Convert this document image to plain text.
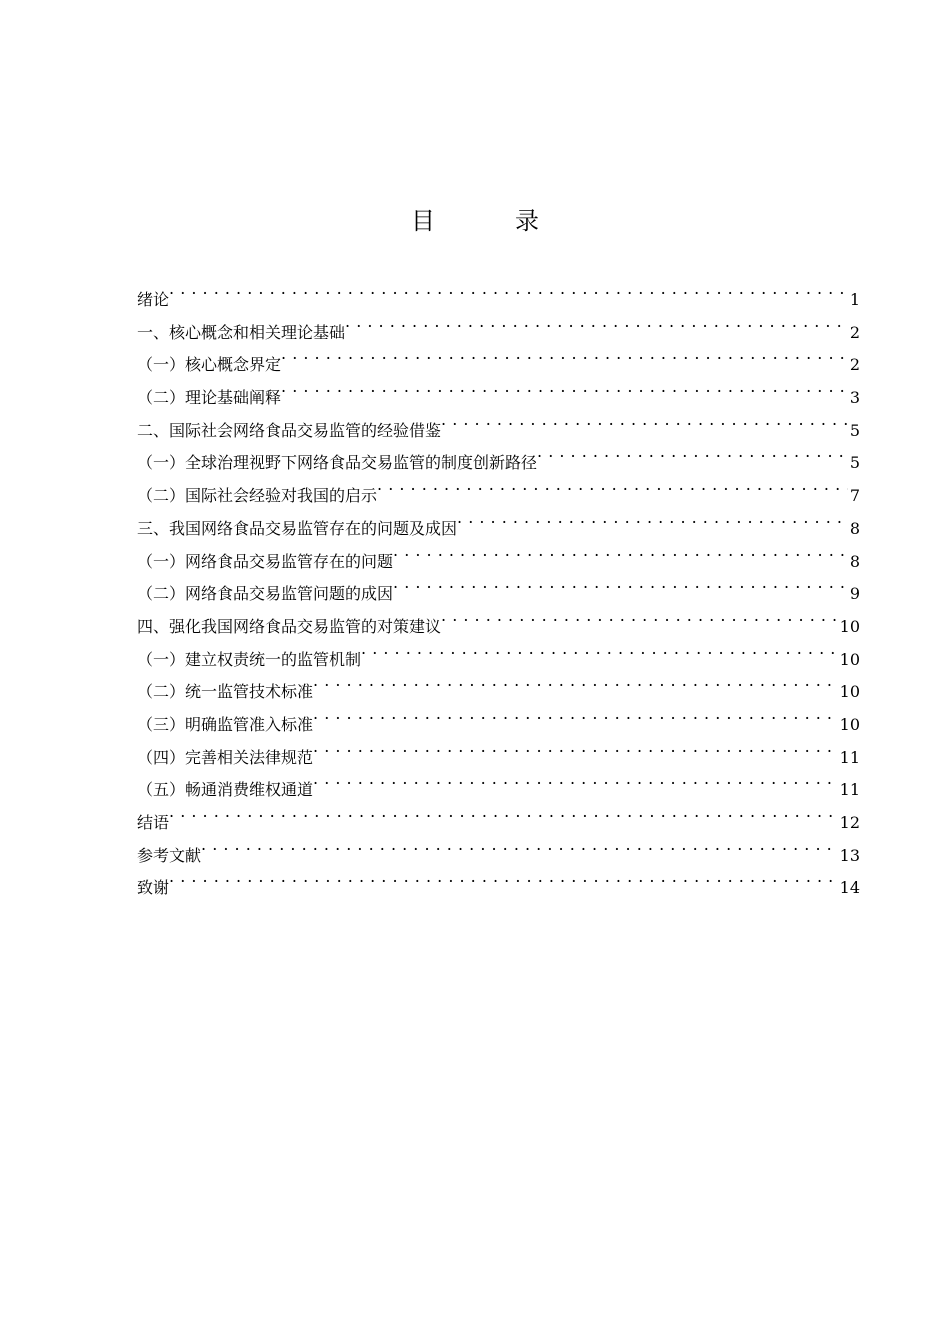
目　录
绪论 . . .	1
一、核心概念和相关理论基础 . . .	2
（一）核心概念界定 . . .	2
（二）理论基础阐释 . . .	3
二、国际社会网络食品交易监管的经验借鉴 . . .	5
（一）全球治理视野下网络食品交易监管的制度创新路径 . . .	5
（二）国际社会经验对我国的启示 . . .	7
三、我国网络食品交易监管存在的问题及成因 . . .	8
（一）网络食品交易监管存在的问题 . . .	8
（二）网络食品交易监管问题的成因 . . .	9
四、强化我国网络食品交易监管的对策建议 . . .	10
（一）建立权责统一的监管机制 . . .	10
（二）统一监管技术标准 . . .	10
（三）明确监管准入标准 . . .	10
（四）完善相关法律规范 . . .	11
（五）畅通消费维权通道 . . .	11
结语 . . .	12
参考文献 . . .	13
致谢 . . .	14
